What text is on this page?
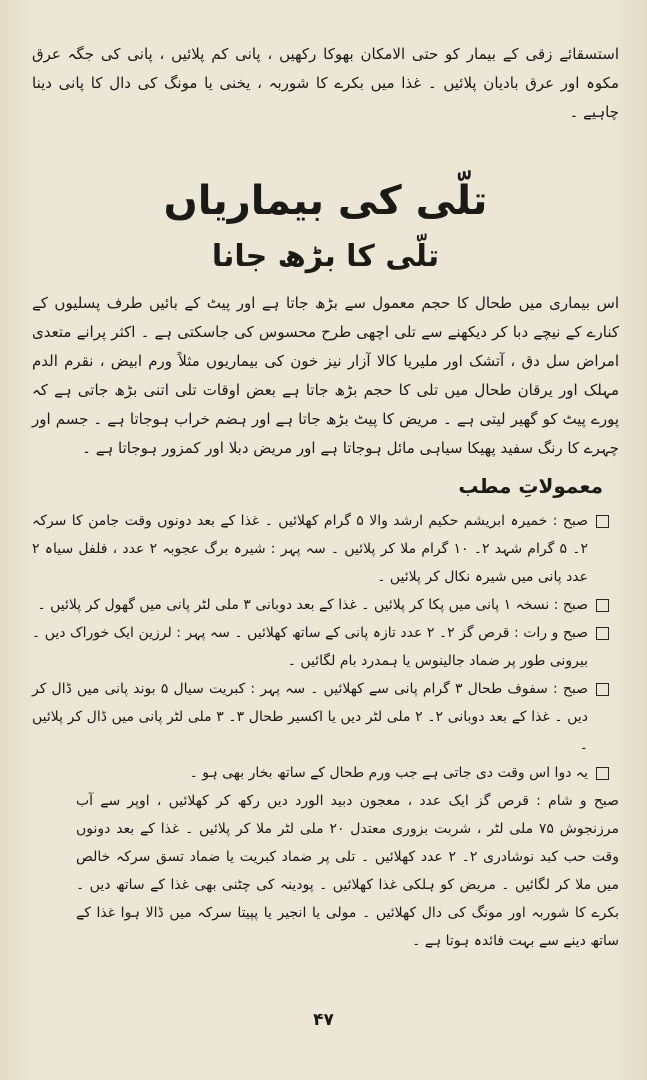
استسقائے زقی کے بیمار کو حتی الامکان بھوکا رکھیں ، پانی کم پلائیں ، پانی کی جگہ عرق مکوہ اور عرق بادیان پلائیں ۔ غذا میں بکرے کا شوربہ ، یخنی یا مونگ کی دال کا پانی دینا چاہیے ۔

تلّی کی بیماریاں
تلّی کا بڑھ جانا

اس بیماری میں طحال کا حجم معمول سے بڑھ جاتا ہے اور پیٹ کے بائیں طرف پسلیوں کے کنارے کے نیچے دبا کر دیکھنے سے تلی اچھی طرح محسوس کی جاسکتی ہے ۔ اکثر پرانے متعدی امراض سل دق ، آتشک اور ملیریا کالا آزار نیز خون کی بیماریوں مثلاً ورم ابیض ، نقرم الدم مہلک اور یرقان طحال میں تلی کا حجم بڑھ جاتا ہے بعض اوقات تلی اتنی بڑھ جاتی ہے کہ پورے پیٹ کو گھیر لیتی ہے ۔ مریض کا پیٹ بڑھ جاتا ہے اور ہضم خراب ہوجاتا ہے ۔ جسم اور چہرے کا رنگ سفید پھیکا سیاہی مائل ہوجاتا ہے اور مریض دبلا اور کمزور ہوجاتا ہے ۔

معمولاتِ مطب

صبح : خمیرہ ابریشم حکیم ارشد والا ۵ گرام کھلائیں ۔ غذا کے بعد دونوں وقت جامن کا سرکہ ۲۔ ۵ گرام شہد ۲۔ ۱۰ گرام ملا کر پلائیں ۔ سہ پہر : شیرہ برگ عجوبہ ۲ عدد ، فلفل سیاہ ۲ عدد پانی میں شیرہ نکال کر پلائیں ۔

صبح : نسخہ ۱ پانی میں پکا کر پلائیں ۔ غذا کے بعد دوبانی ۳ ملی لٹر پانی میں گھول کر پلائیں ۔

صبح و رات : قرص گز ۲۔ ۲ عدد تازہ پانی کے ساتھ کھلائیں ۔ سہ پہر : لرزین ایک خوراک دیں ۔ بیرونی طور پر ضماد جالینوس یا ہمدرد بام لگائیں ۔

صبح : سفوف طحال ۳ گرام پانی سے کھلائیں ۔ سہ پہر : کبریت سیال ۵ بوند پانی میں ڈال کر دیں ۔ غذا کے بعد دوبانی ۲۔ ۲ ملی لٹر دیں یا اکسیر طحال ۳۔ ۳ ملی لٹر پانی میں ڈال کر پلائیں ۔

یہ دوا اس وقت دی جاتی ہے جب ورم طحال کے ساتھ بخار بھی ہو ۔

صبح و شام : قرص گز ایک عدد ، معجون دبید الورد دیں رکھ کر کھلائیں ، اوپر سے آب مرزنجوش ۷۵ ملی لٹر ، شربت بزوری معتدل ۲۰ ملی لٹر ملا کر پلائیں ۔ غذا کے بعد دونوں وقت حب کبد نوشادری ۲۔ ۲ عدد کھلائیں ۔ تلی پر ضماد کبریت یا ضماد تسق سرکہ خالص میں ملا کر لگائیں ۔ مریض کو ہلکی غذا کھلائیں ۔ پودینہ کی چٹنی بھی غذا کے ساتھ دیں ۔ بکرے کا شوربہ اور مونگ کی دال کھلائیں ۔ مولی یا انجیر یا پپیتا سرکہ میں ڈالا ہوا غذا کے ساتھ دینے سے بہت فائدہ ہوتا ہے ۔

۴۷
